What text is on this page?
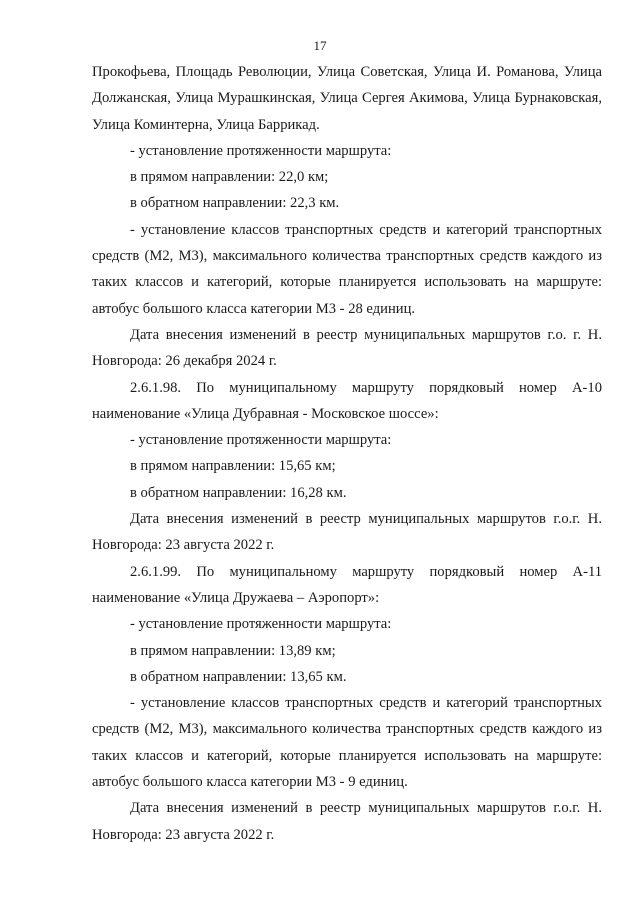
17

Прокофьева, Площадь Революции, Улица Советская, Улица И. Романова, Улица Должанская, Улица Мурашкинская, Улица Сергея Акимова, Улица Бурнаковская, Улица Коминтерна, Улица Баррикад.

- установление протяженности маршрута:

в прямом направлении: 22,0 км;

в обратном направлении: 22,3 км.

- установление классов транспортных средств и категорий транспортных средств (М2, М3), максимального количества транспортных средств каждого из таких классов и категорий, которые планируется использовать на маршруте: автобус большого класса категории М3 - 28 единиц.

Дата внесения изменений в реестр муниципальных маршрутов г.о. г. Н. Новгорода: 26 декабря 2024 г.

2.6.1.98. По муниципальному маршруту порядковый номер А-10 наименование «Улица Дубравная - Московское шоссе»:

- установление протяженности маршрута:

в прямом направлении: 15,65 км;

в обратном направлении: 16,28 км.

Дата внесения изменений в реестр муниципальных маршрутов г.о.г. Н. Новгорода: 23 августа 2022 г.

2.6.1.99. По муниципальному маршруту порядковый номер А-11 наименование «Улица Дружаева – Аэропорт»:

- установление протяженности маршрута:

в прямом направлении: 13,89 км;

в обратном направлении: 13,65 км.

- установление классов транспортных средств и категорий транспортных средств (М2, М3), максимального количества транспортных средств каждого из таких классов и категорий, которые планируется использовать на маршруте: автобус большого класса категории М3 - 9 единиц.

Дата внесения изменений в реестр муниципальных маршрутов г.о.г. Н. Новгорода: 23 августа 2022 г.
